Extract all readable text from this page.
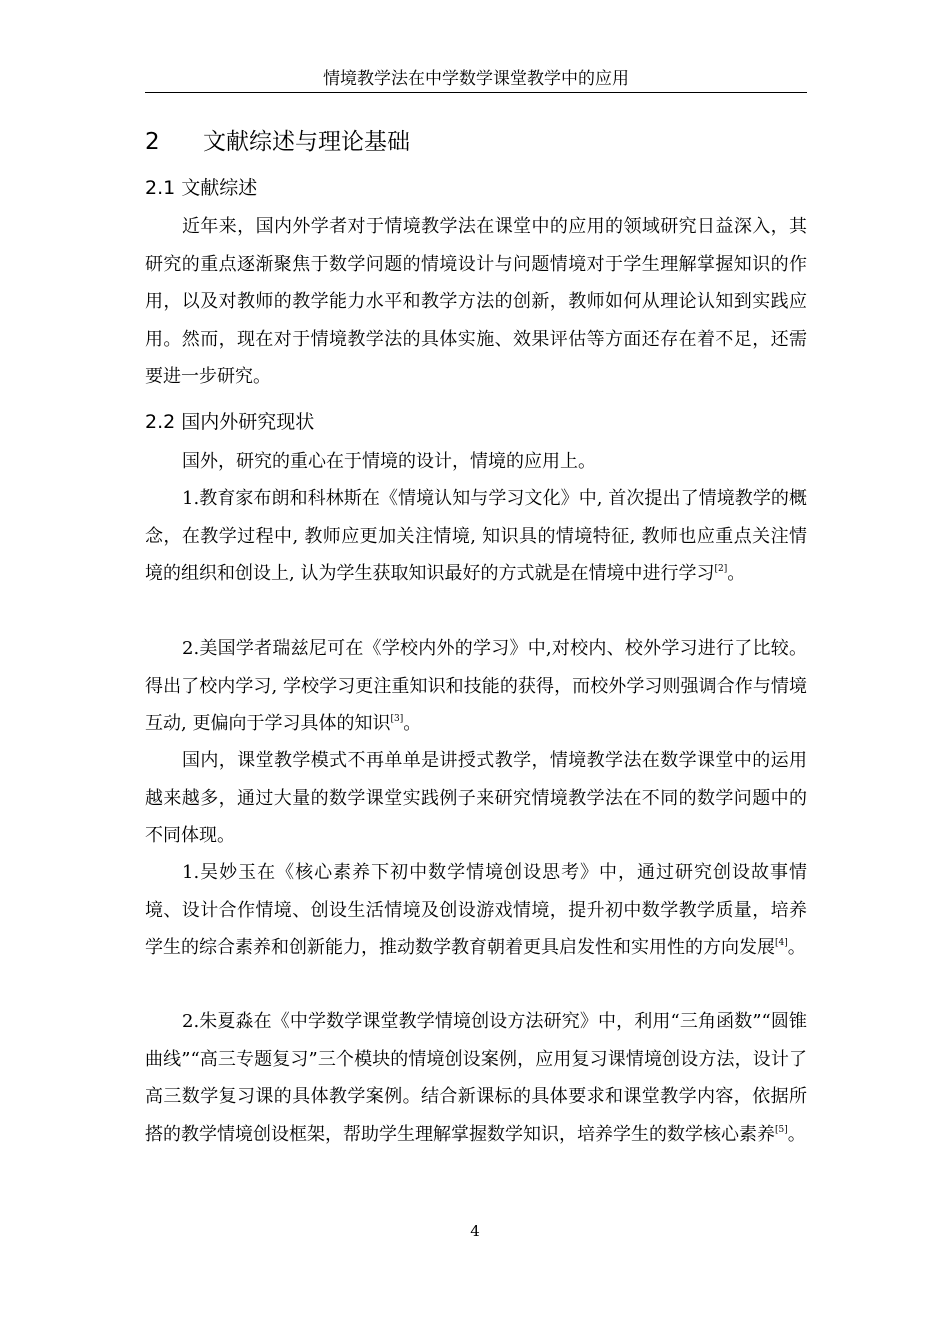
情境教学法在中学数学课堂教学中的应用
2 文献综述与理论基础
2.1 文献综述

近年来，国内外学者对于情境教学法在课堂中的应用的领域研究日益深入，其研究的重点逐渐聚焦于数学问题的情境设计与问题情境对于学生理解掌握知识的作用，以及对教师的教学能力水平和教学方法的创新，教师如何从理论认知到实践应用。然而，现在对于情境教学法的具体实施、效果评估等方面还存在着不足，还需要进一步研究。

2.2 国内外研究现状

国外，研究的重心在于情境的设计，情境的应用上。

1.教育家布朗和科林斯在《情境认知与学习文化》中, 首次提出了情境教学的概念，在教学过程中, 教师应更加关注情境, 知识具的情境特征, 教师也应重点关注情境的组织和创设上, 认为学生获取知识最好的方式就是在情境中进行学习[2]。

2.美国学者瑞兹尼可在《学校内外的学习》中,对校内、校外学习进行了比较。得出了校内学习, 学校学习更注重知识和技能的获得，而校外学习则强调合作与情境互动, 更偏向于学习具体的知识[3]。

国内，课堂教学模式不再单单是讲授式教学，情境教学法在数学课堂中的运用越来越多，通过大量的数学课堂实践例子来研究情境教学法在不同的数学问题中的不同体现。

1.吴妙玉在《核心素养下初中数学情境创设思考》中，通过研究创设故事情境、设计合作情境、创设生活情境及创设游戏情境，提升初中数学教学质量，培养学生的综合素养和创新能力，推动数学教育朝着更具启发性和实用性的方向发展[4]。

2.朱夏淼在《中学数学课堂教学情境创设方法研究》中，利用“三角函数”“圆锥曲线”“高三专题复习”三个模块的情境创设案例，应用复习课情境创设方法，设计了高三数学复习课的具体教学案例。结合新课标的具体要求和课堂教学内容，依据所搭的教学情境创设框架，帮助学生理解掌握数学知识，培养学生的数学核心素养[5]。

4
